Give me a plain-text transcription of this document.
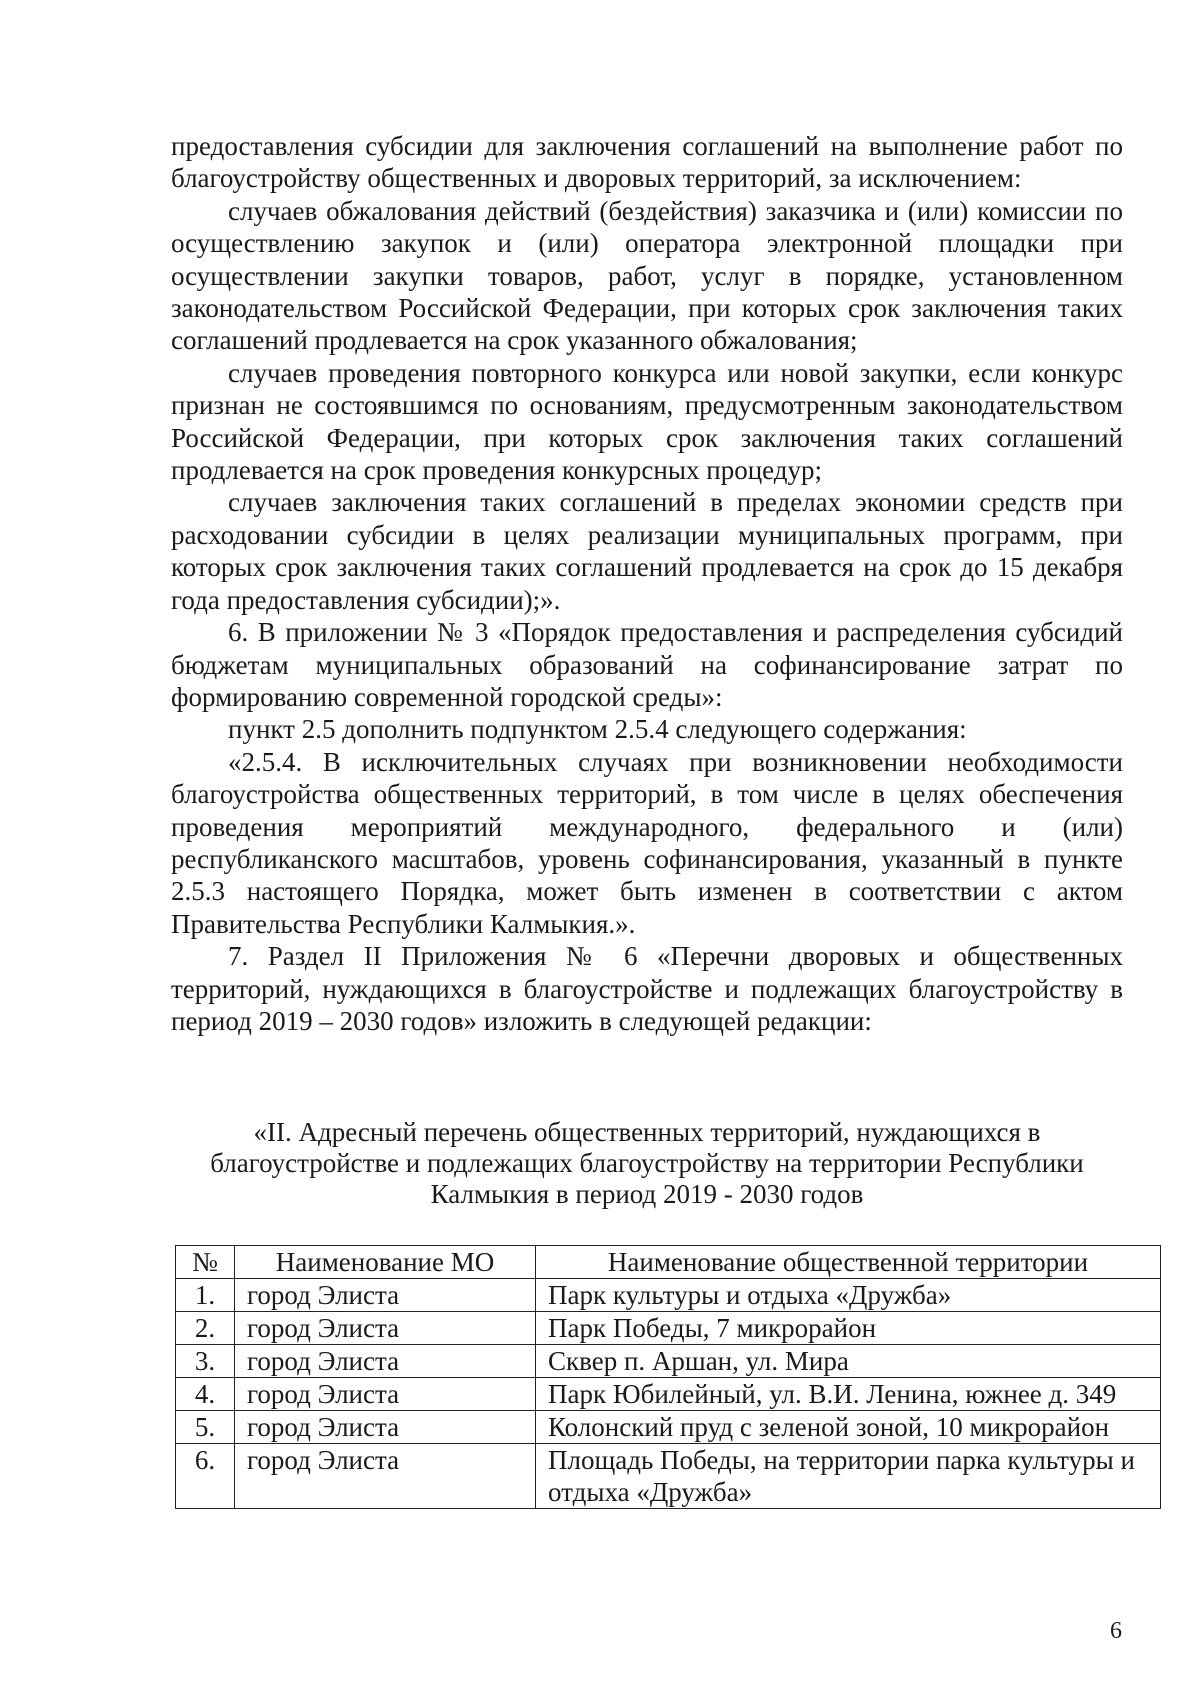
предоставления субсидии для заключения соглашений на выполнение работ по благоустройству общественных и дворовых территорий, за исключением:

случаев обжалования действий (бездействия) заказчика и (или) комиссии по осуществлению закупок и (или) оператора электронной площадки при осуществлении закупки товаров, работ, услуг в порядке, установленном законодательством Российской Федерации, при которых срок заключения таких соглашений продлевается на срок указанного обжалования;

случаев проведения повторного конкурса или новой закупки, если конкурс признан не состоявшимся по основаниям, предусмотренным законодательством Российской Федерации, при которых срок заключения таких соглашений продлевается на срок проведения конкурсных процедур;

случаев заключения таких соглашений в пределах экономии средств при расходовании субсидии в целях реализации муниципальных программ, при которых срок заключения таких соглашений продлевается на срок до 15 декабря года предоставления субсидии);».

6. В приложении № 3 «Порядок предоставления и распределения субсидий бюджетам муниципальных образований на софинансирование затрат по формированию современной городской среды»:

пункт 2.5 дополнить подпунктом 2.5.4 следующего содержания:

«2.5.4. В исключительных случаях при возникновении необходимости благоустройства общественных территорий, в том числе в целях обеспечения проведения мероприятий международного, федерального и (или) республиканского масштабов, уровень софинансирования, указанный в пункте 2.5.3 настоящего Порядка, может быть изменен в соответствии с актом Правительства Республики Калмыкия.».

7. Раздел II Приложения № 6 «Перечни дворовых и общественных территорий, нуждающихся в благоустройстве и подлежащих благоустройству в период 2019 – 2030 годов» изложить в следующей редакции:

«II. Адресный перечень общественных территорий, нуждающихся в благоустройстве и подлежащих благоустройству на территории Республики Калмыкия в период 2019 - 2030 годов

№	Наименование МО	Наименование общественной территории
1.	город Элиста	Парк культуры и отдыха «Дружба»
2.	город Элиста	Парк Победы, 7 микрорайон
3.	город Элиста	Сквер п. Аршан, ул. Мира
4.	город Элиста	Парк Юбилейный, ул. В.И. Ленина, южнее д. 349
5.	город Элиста	Колонский пруд с зеленой зоной, 10 микрорайон
6.	город Элиста	Площадь Победы, на территории парка культуры и отдыха «Дружба»
6
